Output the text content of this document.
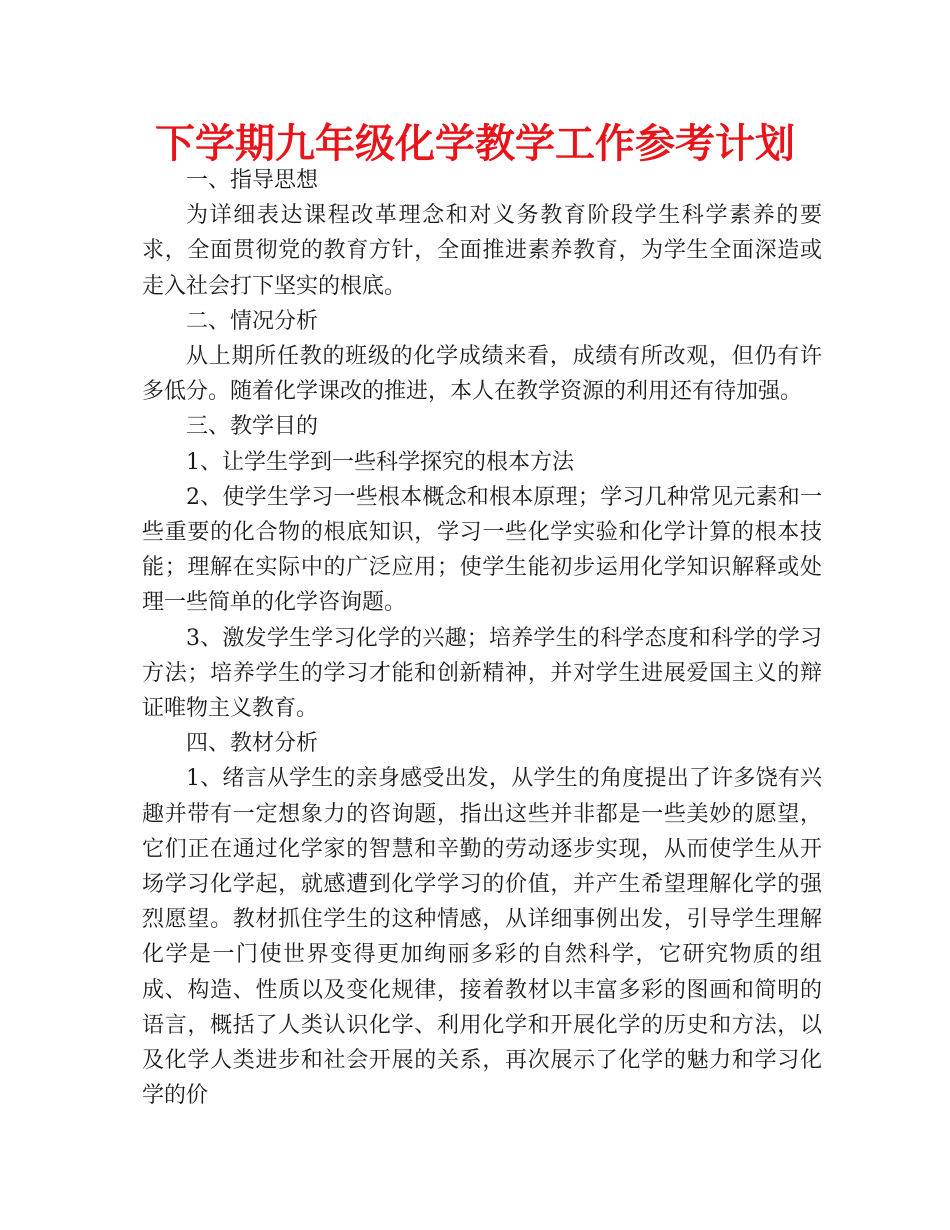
下学期九年级化学教学工作参考计划

一、指导思想

为详细表达课程改革理念和对义务教育阶段学生科学素养的要求，全面贯彻党的教育方针，全面推进素养教育，为学生全面深造或走入社会打下坚实的根底。

二、情况分析

从上期所任教的班级的化学成绩来看，成绩有所改观，但仍有许多低分。随着化学课改的推进，本人在教学资源的利用还有待加强。

三、教学目的

1、让学生学到一些科学探究的根本方法

2、使学生学习一些根本概念和根本原理；学习几种常见元素和一些重要的化合物的根底知识，学习一些化学实验和化学计算的根本技能；理解在实际中的广泛应用；使学生能初步运用化学知识解释或处理一些简单的化学咨询题。

3、激发学生学习化学的兴趣；培养学生的科学态度和科学的学习方法；培养学生的学习才能和创新精神，并对学生进展爱国主义的辩证唯物主义教育。

四、教材分析

1、绪言从学生的亲身感受出发，从学生的角度提出了许多饶有兴趣并带有一定想象力的咨询题，指出这些并非都是一些美妙的愿望，它们正在通过化学家的智慧和辛勤的劳动逐步实现，从而使学生从开场学习化学起，就感遭到化学学习的价值，并产生希望理解化学的强烈愿望。教材抓住学生的这种情感，从详细事例出发，引导学生理解化学是一门使世界变得更加绚丽多彩的自然科学，它研究物质的组成、构造、性质以及变化规律，接着教材以丰富多彩的图画和简明的语言，概括了人类认识化学、利用化学和开展化学的历史和方法，以及化学人类进步和社会开展的关系，再次展示了化学的魅力和学习化学的价
